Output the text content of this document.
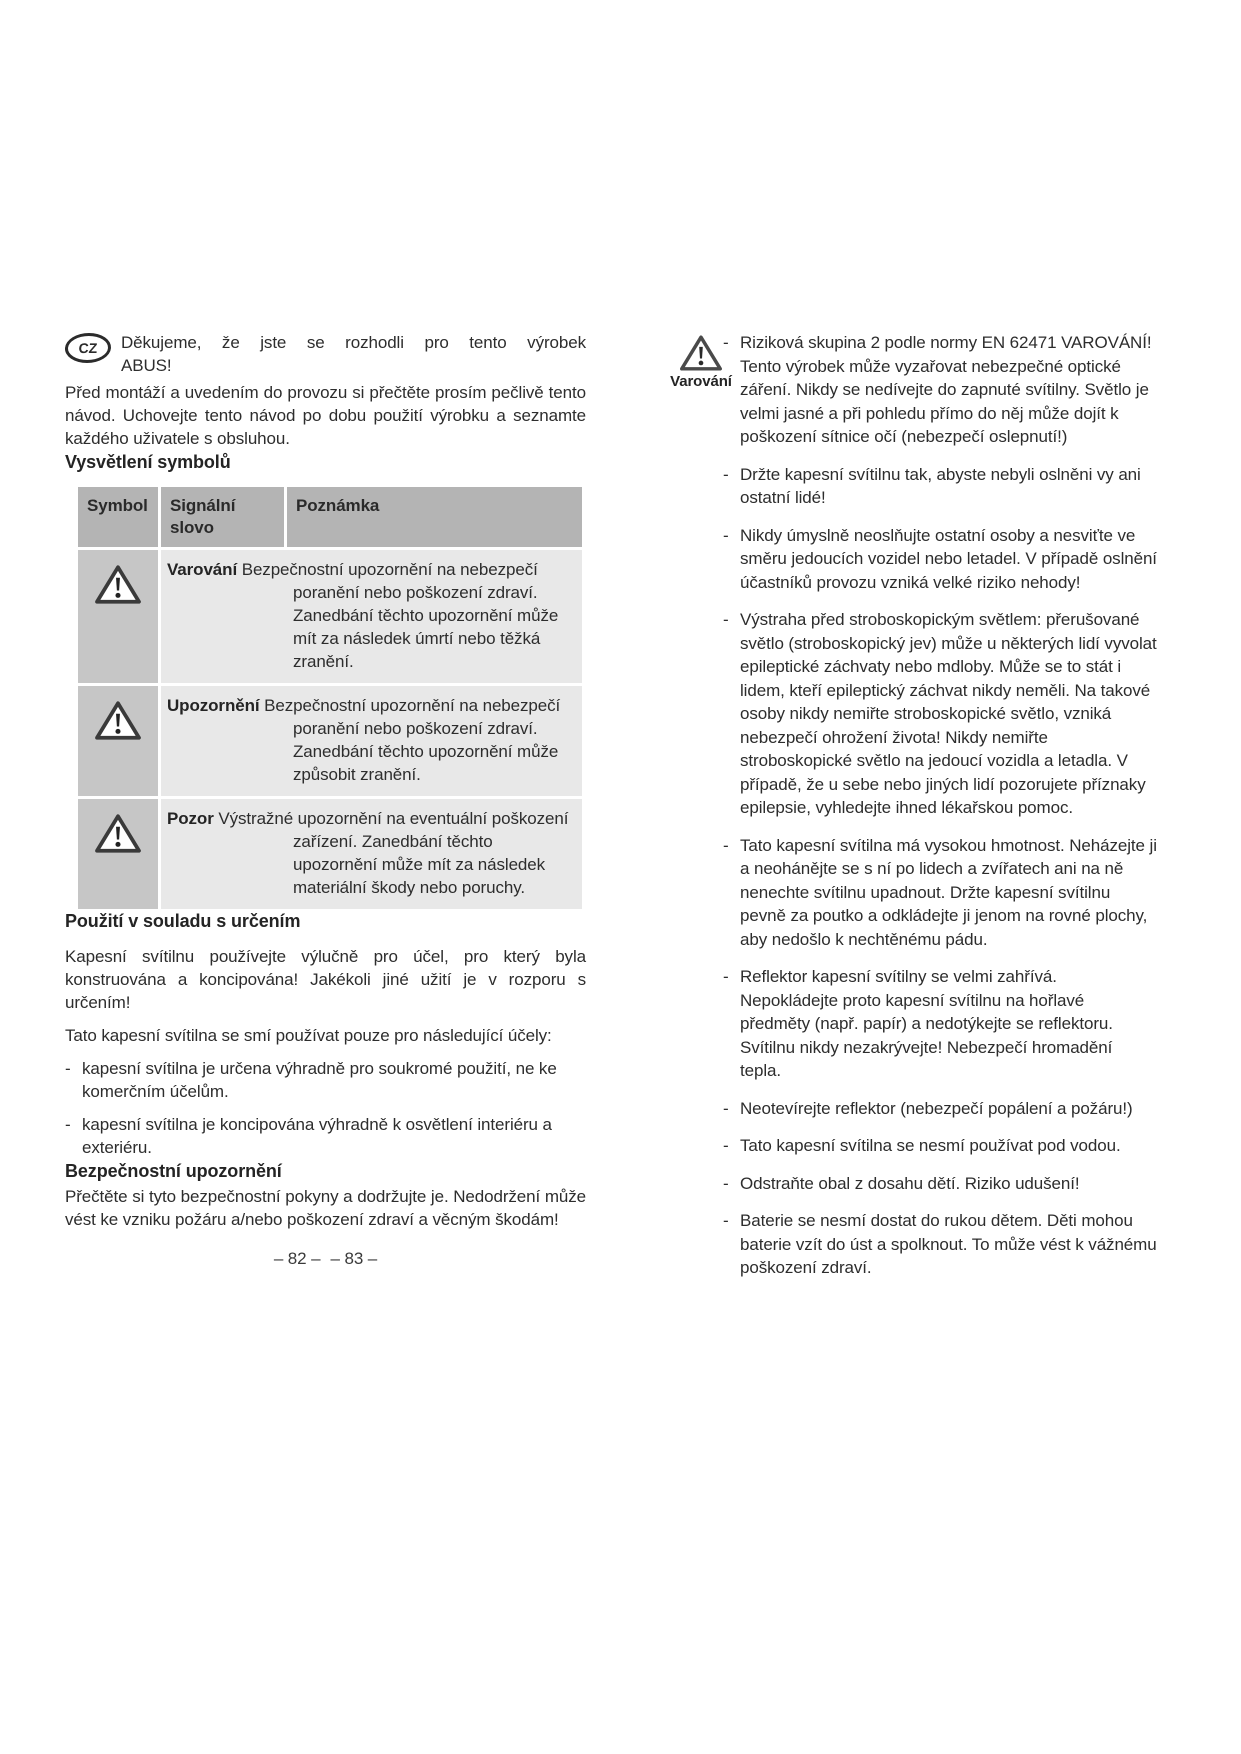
CZ	Děkujeme, že jste se rozhodli pro tento výrobek
ABUS!

Před montáží a uvedením do provozu si přečtěte prosím pečlivě tento návod. Uchovejte tento návod po dobu použití výrobku a seznamte každého uživatele s obsluhou.

Vysvětlení symbolů
Symbol	Signální slovo
Poznámka

Varování Bezpečnostní upozornění na nebezpečí poranění nebo poškození zdraví. Zanedbání těchto upozornění může mít za následek úmrtí nebo těžká zranění.

Upozornění Bezpečnostní upozornění na nebezpečí poranění nebo poškození zdraví. Zanedbání těchto upozornění může způsobit zranění.

Pozor Výstražné upozornění na eventuální poškození zařízení. Zanedbání těchto upozornění může mít za následek materiální škody nebo poruchy.

Použití v souladu s určením

Kapesní svítilnu používejte výlučně pro účel, pro který byla konstruována a koncipována! Jakékoli jiné užití je v rozporu s určením!

Tato kapesní svítilna se smí používat pouze pro následující účely:

- kapesní svítilna je určena výhradně pro soukromé použití, ne ke komerčním účelům.
- kapesní svítilna je koncipována výhradně k osvětlení interiéru a exteriéru.
Bezpečnostní upozornění

Přečtěte si tyto bezpečnostní pokyny a dodržujte je. Nedodržení může vést ke vzniku požáru a/nebo poškození zdraví a věcným škodám!

– 82 – – 83 –
Varování
- Riziková skupina 2 podle normy EN 62471 VAROVÁNÍ! Tento výrobek může vyzařovat nebezpečné optické záření. Nikdy se nedívejte do zapnuté svítilny. Světlo je velmi jasné a při pohledu přímo do něj může dojít k poškození sítnice očí (nebezpečí oslepnutí!)
- Držte kapesní svítilnu tak, abyste nebyli oslněni vy ani ostatní lidé!
- Nikdy úmyslně neoslňujte ostatní osoby a nesviťte ve směru jedoucích vozidel nebo letadel. V případě oslnění účastníků provozu vzniká velké riziko nehody!
- Výstraha před stroboskopickým světlem: přerušované světlo (stroboskopický jev) může u některých lidí vyvolat epileptické záchvaty nebo mdloby. Může se to stát i lidem, kteří epileptický záchvat nikdy neměli. Na takové osoby nikdy nemiřte stroboskopické světlo, vzniká nebezpečí ohrožení života! Nikdy nemiřte stroboskopické světlo na jedoucí vozidla a letadla. V případě, že u sebe nebo jiných lidí pozorujete příznaky epilepsie, vyhledejte ihned lékařskou pomoc.
- Tato kapesní svítilna má vysokou hmotnost. Neházejte ji a neohánějte se s ní po lidech a zvířatech ani na ně nenechte svítilnu upadnout. Držte kapesní svítilnu pevně za poutko a odkládejte ji jenom na rovné plochy, aby nedošlo k nechtěnému pádu.
- Reflektor kapesní svítilny se velmi zahřívá. Nepokládejte proto kapesní svítilnu na hořlavé předměty (např. papír) a nedotýkejte se reflektoru. Svítilnu nikdy nezakrývejte! Nebezpečí hromadění tepla.
- Neotevírejte reflektor (nebezpečí popálení a požáru!)
- Tato kapesní svítilna se nesmí používat pod vodou.
- Odstraňte obal z dosahu dětí. Riziko udušení!
- Baterie se nesmí dostat do rukou dětem. Děti mohou baterie vzít do úst a spolknout. To může vést k vážnému poškození zdraví.
